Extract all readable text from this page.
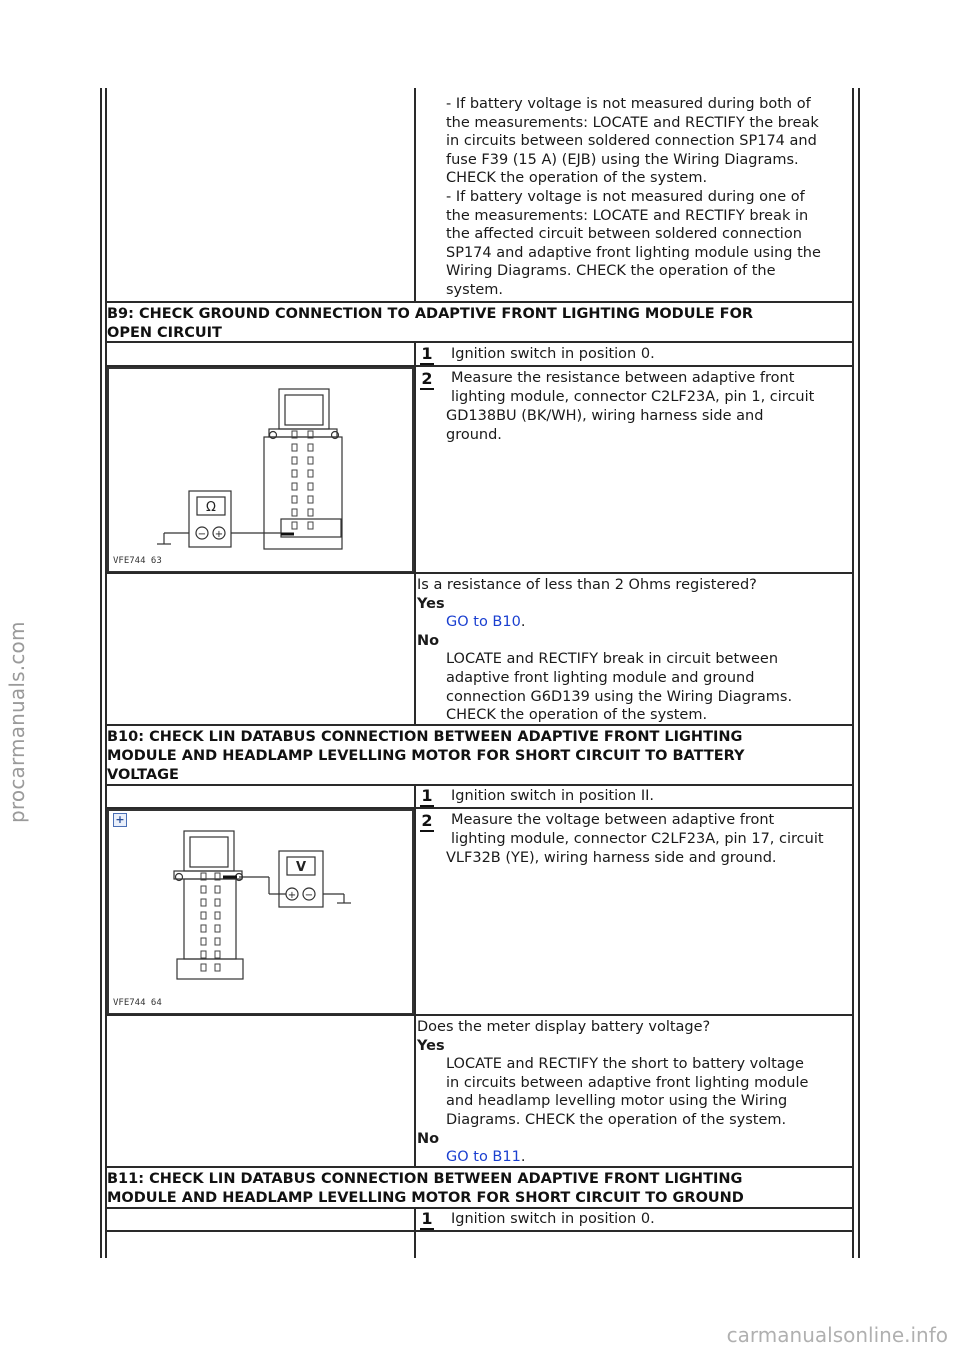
- If battery voltage is not measured during both of

the measurements: LOCATE and RECTIFY the break

in circuits between soldered connection SP174 and

fuse F39 (15 A) (EJB) using the Wiring Diagrams.

CHECK the operation of the system.

- If battery voltage is not measured during one of

the measurements: LOCATE and RECTIFY break in

the affected circuit between soldered connection

SP174 and adaptive front lighting module using the

Wiring Diagrams. CHECK the operation of the

system.

B9: CHECK GROUND CONNECTION TO ADAPTIVE FRONT LIGHTING MODULE FOR
OPEN CIRCUIT
1 Ignition switch in position 0.
2 Measure the resistance between adaptive front
lighting module, connector C2LF23A, pin 1, circuit
GD138BU (BK/WH), wiring harness side and
ground.
Ω
− +
VFE744 63

Is a resistance of less than 2 Ohms registered?

Yes

GO to B10.

No

LOCATE and RECTIFY break in circuit between
adaptive front lighting module and ground
connection G6D139 using the Wiring Diagrams.
CHECK the operation of the system.

B10: CHECK LIN DATABUS CONNECTION BETWEEN ADAPTIVE FRONT LIGHTING
MODULE AND HEADLAMP LEVELLING MOTOR FOR SHORT CIRCUIT TO BATTERY
VOLTAGE
1 Ignition switch in position II.
2 Measure the voltage between adaptive front
lighting module, connector C2LF23A, pin 17, circuit
VLF32B (YE), wiring harness side and ground.
+
V
+ −
VFE744 64

Does the meter display battery voltage?

Yes

LOCATE and RECTIFY the short to battery voltage
in circuits between adaptive front lighting module
and headlamp levelling motor using the Wiring
Diagrams. CHECK the operation of the system.

No

GO to B11.

B11: CHECK LIN DATABUS CONNECTION BETWEEN ADAPTIVE FRONT LIGHTING
MODULE AND HEADLAMP LEVELLING MOTOR FOR SHORT CIRCUIT TO GROUND
1 Ignition switch in position 0.
procarmanuals.com
carmanualsonline.info
